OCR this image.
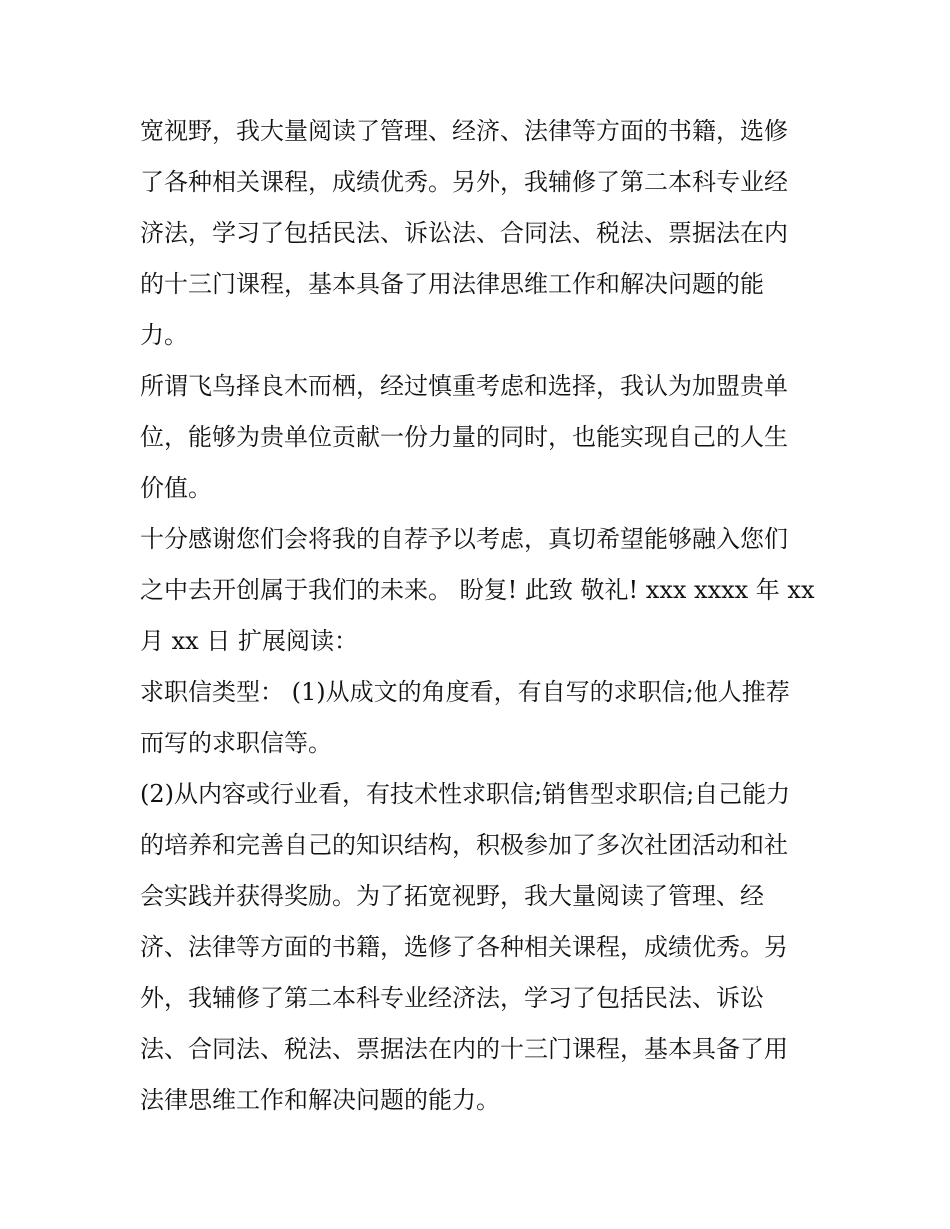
宽视野，我大量阅读了管理、经济、法律等方面的书籍，选修
了各种相关课程，成绩优秀。另外，我辅修了第二本科专业经
济法，学习了包括民法、诉讼法、合同法、税法、票据法在内
的十三门课程，基本具备了用法律思维工作和解决问题的能
力。
所谓飞鸟择良木而栖，经过慎重考虑和选择，我认为加盟贵单
位，能够为贵单位贡献一份力量的同时，也能实现自己的人生
价值。
十分感谢您们会将我的自荐予以考虑，真切希望能够融入您们
之中去开创属于我们的未来。 盼复! 此致 敬礼! xxx xxxx 年 xx
月 xx 日 扩展阅读：
求职信类型： (1)从成文的角度看，有自写的求职信;他人推荐
而写的求职信等。
(2)从内容或行业看，有技术性求职信;销售型求职信;自己能力
的培养和完善自己的知识结构，积极参加了多次社团活动和社
会实践并获得奖励。为了拓宽视野，我大量阅读了管理、经
济、法律等方面的书籍，选修了各种相关课程，成绩优秀。另
外，我辅修了第二本科专业经济法，学习了包括民法、诉讼
法、合同法、税法、票据法在内的十三门课程，基本具备了用
法律思维工作和解决问题的能力。
